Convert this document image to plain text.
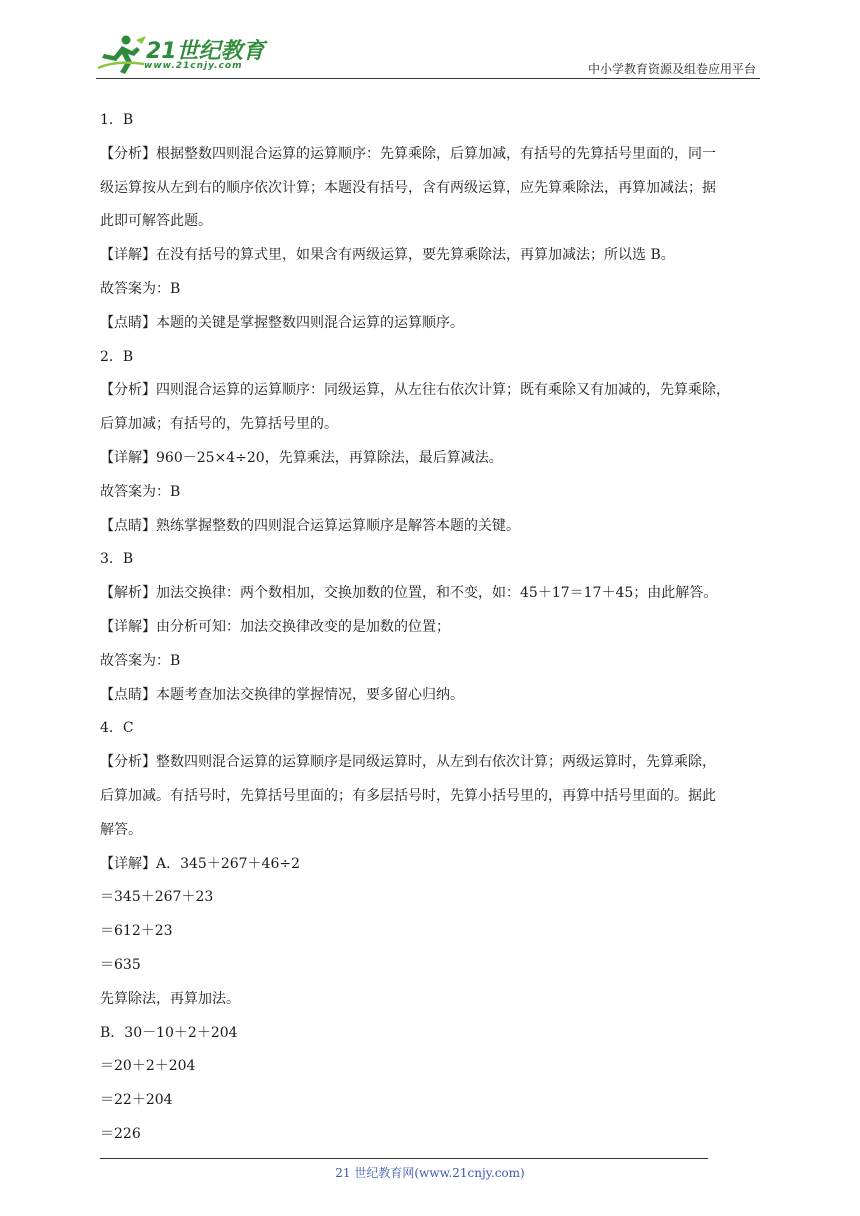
21世纪教育
www.21cnjy.com	中小学教育资源及组卷应用平台
1．B
【分析】根据整数四则混合运算的运算顺序：先算乘除，后算加减，有括号的先算括号里面的，同一
级运算按从左到右的顺序依次计算；本题没有括号，含有两级运算，应先算乘除法，再算加减法；据
此即可解答此题。
【详解】在没有括号的算式里，如果含有两级运算，要先算乘除法，再算加减法；所以选 B。
故答案为：B
【点睛】本题的关键是掌握整数四则混合运算的运算顺序。
2．B
【分析】四则混合运算的运算顺序：同级运算，从左往右依次计算；既有乘除又有加减的，先算乘除，
后算加减；有括号的，先算括号里的。
【详解】960－25×4÷20，先算乘法，再算除法，最后算减法。
故答案为：B
【点睛】熟练掌握整数的四则混合运算运算顺序是解答本题的关键。
3．B
【解析】加法交换律：两个数相加，交换加数的位置，和不变，如：45＋17＝17＋45；由此解答。
【详解】由分析可知：加法交换律改变的是加数的位置；
故答案为：B
【点睛】本题考查加法交换律的掌握情况，要多留心归纳。
4．C
【分析】整数四则混合运算的运算顺序是同级运算时，从左到右依次计算；两级运算时，先算乘除，
后算加减。有括号时，先算括号里面的；有多层括号时，先算小括号里的，再算中括号里面的。据此
解答。
【详解】A．345＋267＋46÷2
＝345＋267＋23
＝612＋23
＝635
先算除法，再算加法。
B．30－10＋2＋204
＝20＋2＋204
＝22＋204
＝226
21 世纪教育网(www.21cnjy.com)
